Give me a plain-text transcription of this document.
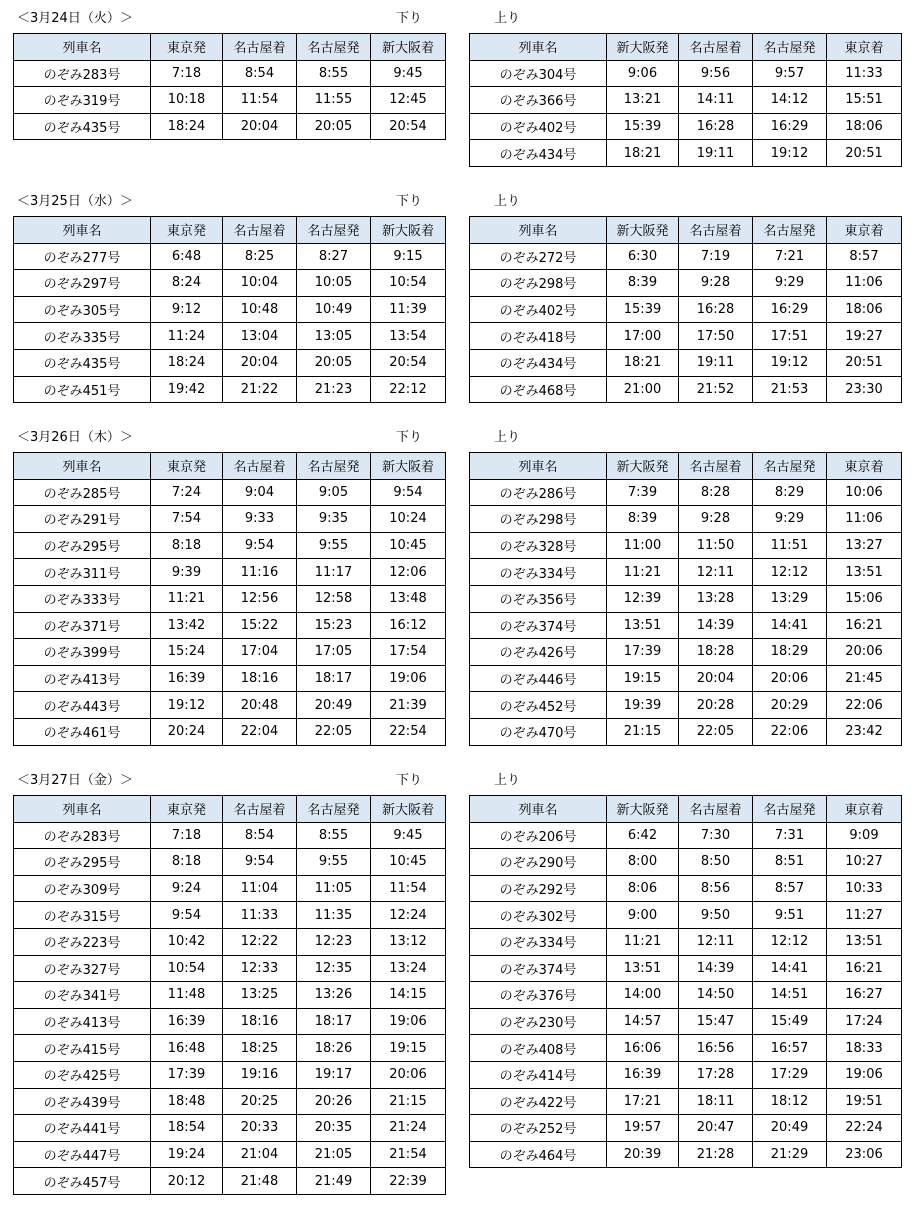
＜3月24日（火）＞	下り	上り
列車名	東京発	名古屋着	名古屋発	新大阪着
のぞみ283号	7:18	8:54	8:55	9:45
のぞみ319号	10:18	11:54	11:55	12:45
のぞみ435号	18:24	20:04	20:05	20:54
列車名	新大阪発	名古屋着	名古屋発	東京着
のぞみ304号	9:06	9:56	9:57	11:33
のぞみ366号	13:21	14:11	14:12	15:51
のぞみ402号	15:39	16:28	16:29	18:06
のぞみ434号	18:21	19:11	19:12	20:51
＜3月25日（水）＞	下り	上り
列車名	東京発	名古屋着	名古屋発	新大阪着
のぞみ277号	6:48	8:25	8:27	9:15
のぞみ297号	8:24	10:04	10:05	10:54
のぞみ305号	9:12	10:48	10:49	11:39
のぞみ335号	11:24	13:04	13:05	13:54
のぞみ435号	18:24	20:04	20:05	20:54
のぞみ451号	19:42	21:22	21:23	22:12
列車名	新大阪発	名古屋着	名古屋発	東京着
のぞみ272号	6:30	7:19	7:21	8:57
のぞみ298号	8:39	9:28	9:29	11:06
のぞみ402号	15:39	16:28	16:29	18:06
のぞみ418号	17:00	17:50	17:51	19:27
のぞみ434号	18:21	19:11	19:12	20:51
のぞみ468号	21:00	21:52	21:53	23:30
＜3月26日（木）＞	下り	上り
列車名	東京発	名古屋着	名古屋発	新大阪着
のぞみ285号	7:24	9:04	9:05	9:54
のぞみ291号	7:54	9:33	9:35	10:24
のぞみ295号	8:18	9:54	9:55	10:45
のぞみ311号	9:39	11:16	11:17	12:06
のぞみ333号	11:21	12:56	12:58	13:48
のぞみ371号	13:42	15:22	15:23	16:12
のぞみ399号	15:24	17:04	17:05	17:54
のぞみ413号	16:39	18:16	18:17	19:06
のぞみ443号	19:12	20:48	20:49	21:39
のぞみ461号	20:24	22:04	22:05	22:54
列車名	新大阪発	名古屋着	名古屋発	東京着
のぞみ286号	7:39	8:28	8:29	10:06
のぞみ298号	8:39	9:28	9:29	11:06
のぞみ328号	11:00	11:50	11:51	13:27
のぞみ334号	11:21	12:11	12:12	13:51
のぞみ356号	12:39	13:28	13:29	15:06
のぞみ374号	13:51	14:39	14:41	16:21
のぞみ426号	17:39	18:28	18:29	20:06
のぞみ446号	19:15	20:04	20:06	21:45
のぞみ452号	19:39	20:28	20:29	22:06
のぞみ470号	21:15	22:05	22:06	23:42
＜3月27日（金）＞	下り	上り
列車名	東京発	名古屋着	名古屋発	新大阪着
のぞみ283号	7:18	8:54	8:55	9:45
のぞみ295号	8:18	9:54	9:55	10:45
のぞみ309号	9:24	11:04	11:05	11:54
のぞみ315号	9:54	11:33	11:35	12:24
のぞみ223号	10:42	12:22	12:23	13:12
のぞみ327号	10:54	12:33	12:35	13:24
のぞみ341号	11:48	13:25	13:26	14:15
のぞみ413号	16:39	18:16	18:17	19:06
のぞみ415号	16:48	18:25	18:26	19:15
のぞみ425号	17:39	19:16	19:17	20:06
のぞみ439号	18:48	20:25	20:26	21:15
のぞみ441号	18:54	20:33	20:35	21:24
のぞみ447号	19:24	21:04	21:05	21:54
のぞみ457号	20:12	21:48	21:49	22:39
列車名	新大阪発	名古屋着	名古屋発	東京着
のぞみ206号	6:42	7:30	7:31	9:09
のぞみ290号	8:00	8:50	8:51	10:27
のぞみ292号	8:06	8:56	8:57	10:33
のぞみ302号	9:00	9:50	9:51	11:27
のぞみ334号	11:21	12:11	12:12	13:51
のぞみ374号	13:51	14:39	14:41	16:21
のぞみ376号	14:00	14:50	14:51	16:27
のぞみ230号	14:57	15:47	15:49	17:24
のぞみ408号	16:06	16:56	16:57	18:33
のぞみ414号	16:39	17:28	17:29	19:06
のぞみ422号	17:21	18:11	18:12	19:51
のぞみ252号	19:57	20:47	20:49	22:24
のぞみ464号	20:39	21:28	21:29	23:06
